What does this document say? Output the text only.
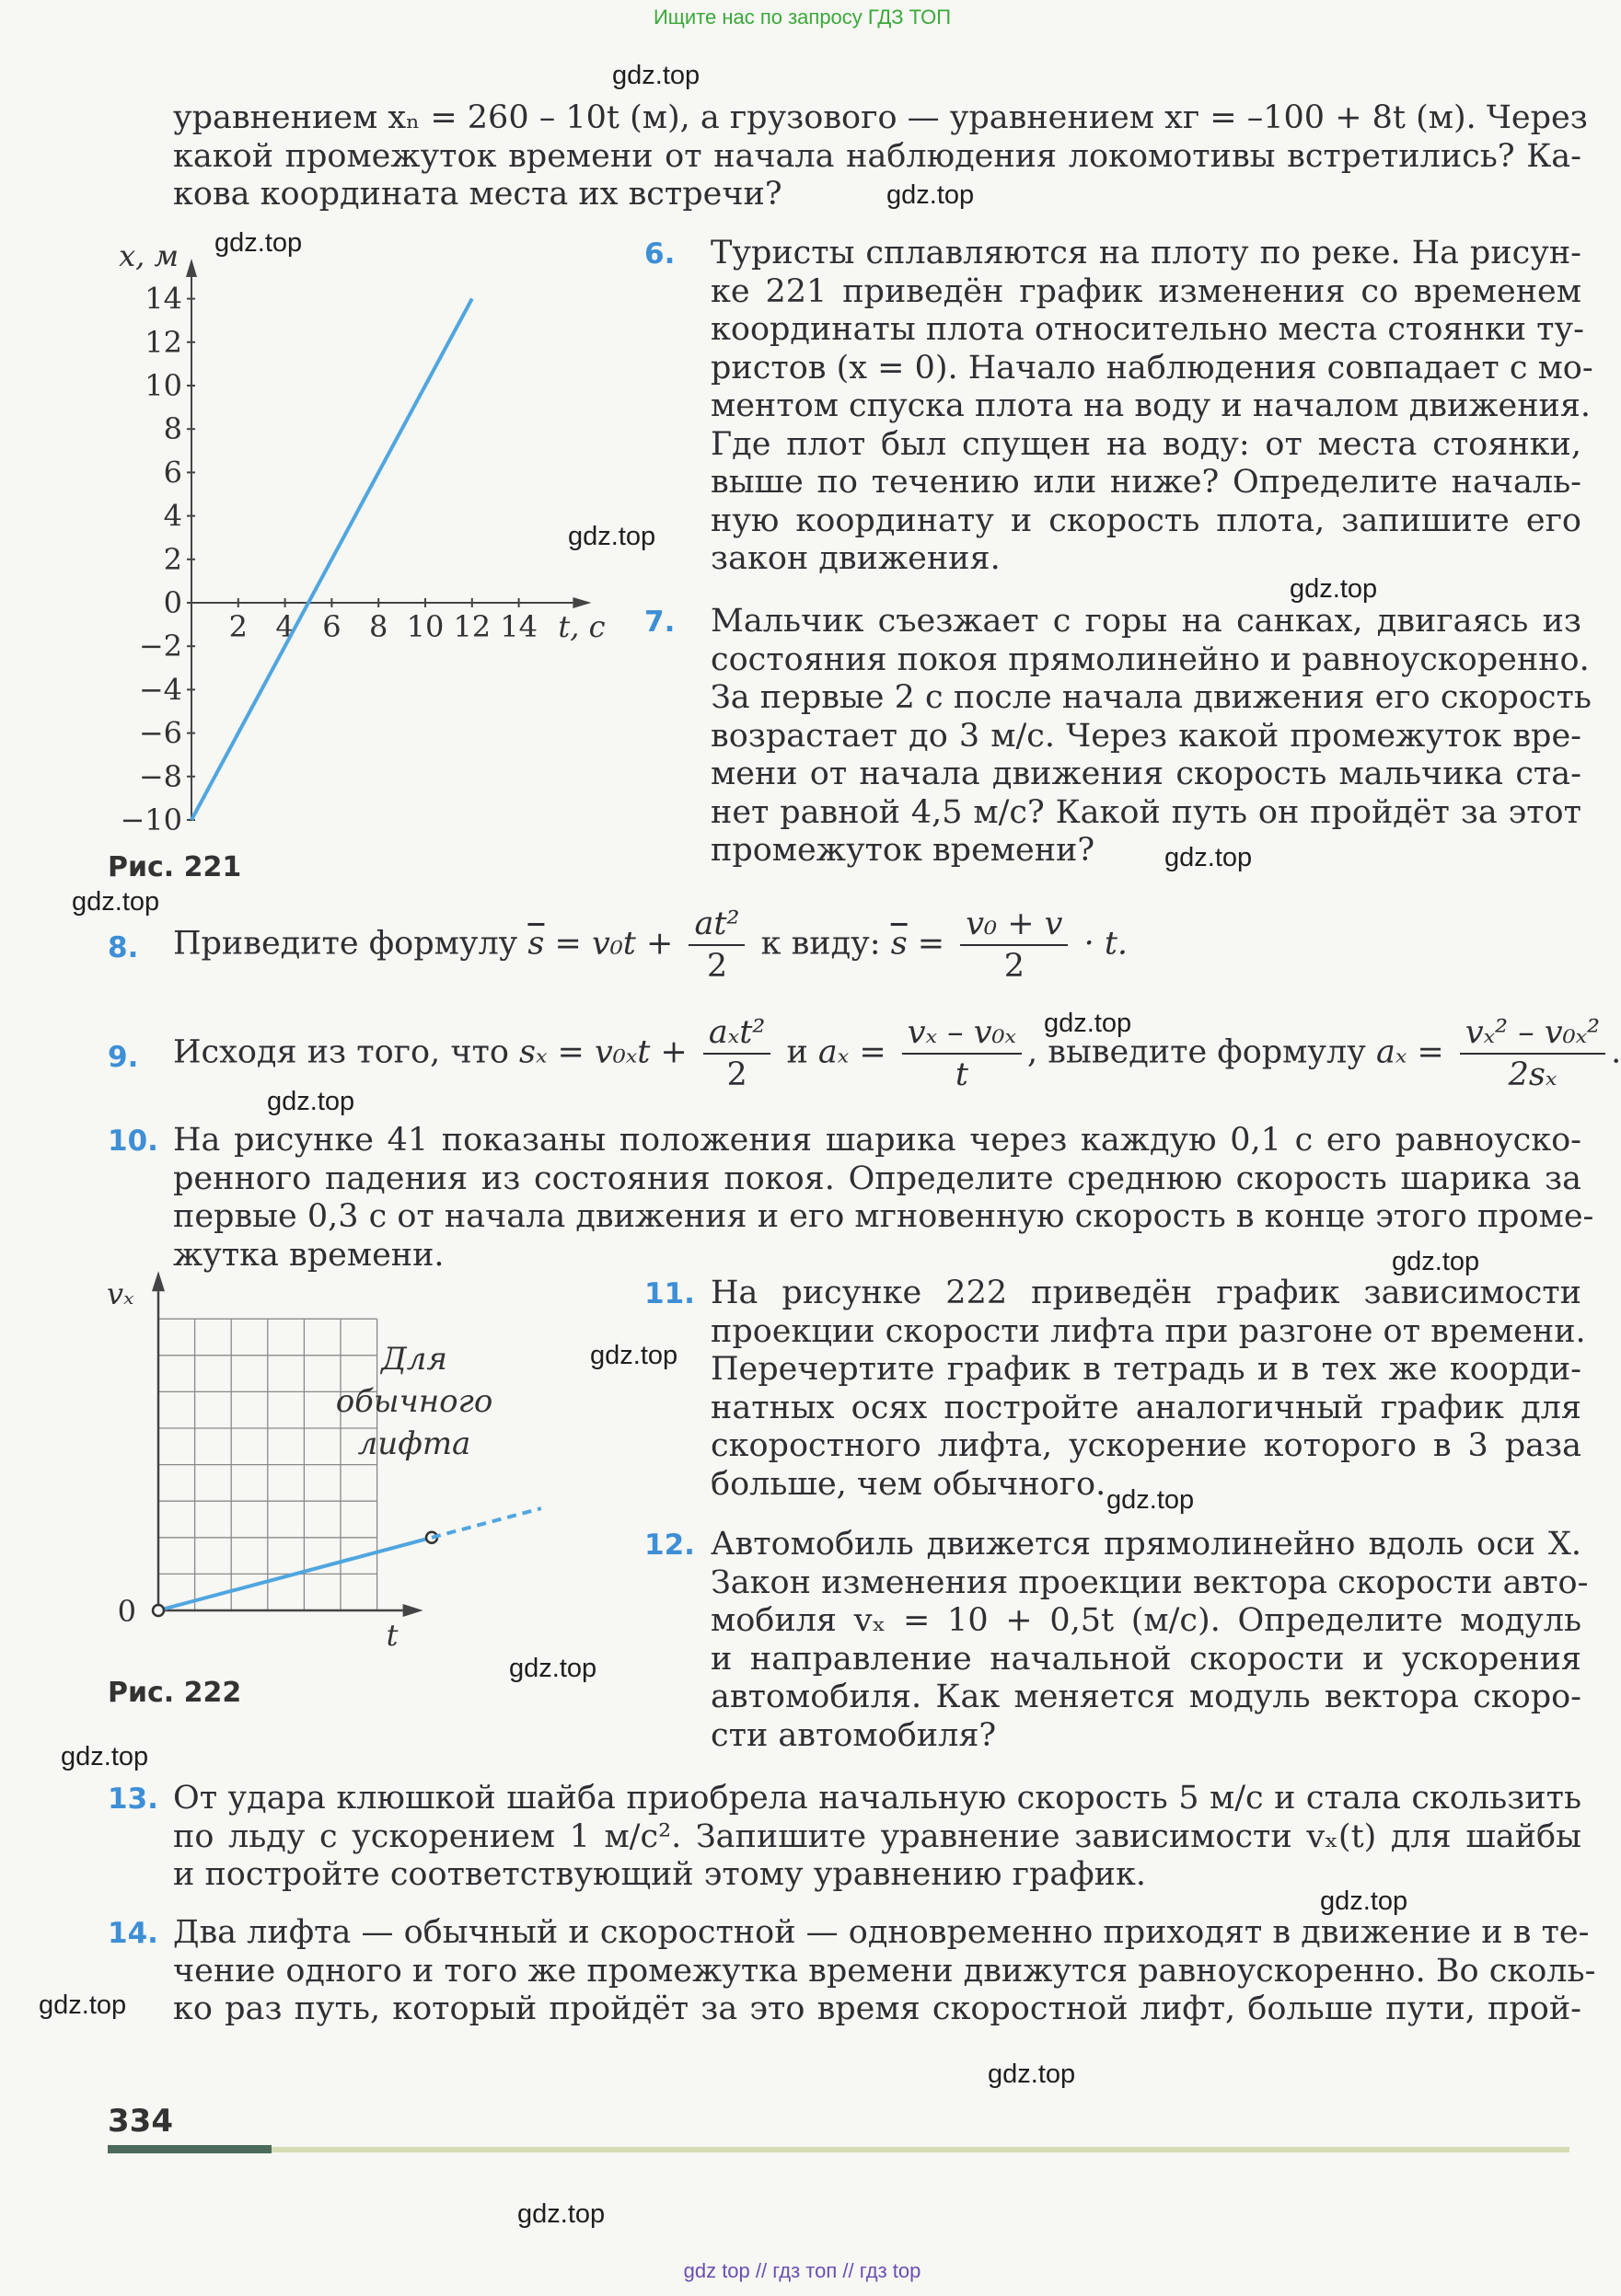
Ищите нас по запросу ГДЗ ТОП
уравнением xₙ = 260 – 10t (м), а грузового — уравнением xг = –100 + 8t (м). Через
какой промежуток времени от начала наблюдения локомотивы встретились? Ка-
кова координата места их встречи?
14
12
10
8
6
4
2
0
−2
−4
−6
−8
−10
2 4 6 8 10 12 14
x, м
t, с
Рис. 221
6. Туристы сплавляются на плоту по реке. На рисун-
ке 221 приведён график изменения со временем
координаты плота относительно места стоянки ту-
ристов (x = 0). Начало наблюдения совпадает с мо-
ментом спуска плота на воду и началом движения.
Где плот был спущен на воду: от места стоянки,
выше по течению или ниже? Определите началь-
ную координату и скорость плота, запишите его
закон движения.
7. Мальчик съезжает с горы на санках, двигаясь из
состояния покоя прямолинейно и равноускоренно.
За первые 2 с после начала движения его скорость
возрастает до 3 м/с. Через какой промежуток вре-
мени от начала движения скорость мальчика ста-
нет равной 4,5 м/с? Какой путь он пройдёт за этот
промежуток времени?
8. Приведите формулу $\overline{s} = v_0t + \frac{\text{at²}}{2}$ к виду: $\overline{s} = \frac{\text{v₀ + v}}{2} \cdot t$.
9. Исходя из того, что $s_x = v_{0x}t + \frac{\text{aₓt²}}{2}$ и $a_x = \frac{\text{vₓ – v₀ₓ}}{t}$ , выведите формулу $a_x = \frac{\text{vₓ² – v₀ₓ²}}{\text{2sₓ}}$ .
10. На рисунке 41 показаны положения шарика через каждую 0,1 с его равноуско-
ренного падения из состояния покоя. Определите среднюю скорость шарика за
первые 0,3 с от начала движения и его мгновенную скорость в конце этого проме-
жутка времени.
vₓ
t
0
Для
обычного
лифта
Рис. 222
11. На рисунке 222 приведён график зависимости
проекции скорости лифта при разгоне от времени.
Перечертите график в тетрадь и в тех же коорди-
натных осях постройте аналогичный график для
скоростного лифта, ускорение которого в 3 раза
больше, чем обычного.
12. Автомобиль движется прямолинейно вдоль оси X.
Закон изменения проекции вектора скорости авто-
мобиля vₓ = 10 + 0,5t (м/с). Определите модуль
и направление начальной скорости и ускорения
автомобиля. Как меняется модуль вектора скоро-
сти автомобиля?
13. От удара клюшкой шайба приобрела начальную скорость 5 м/с и стала скользить
по льду с ускорением 1 м/с². Запишите уравнение зависимости vₓ(t) для шайбы
и постройте соответствующий этому уравнению график.
14. Два лифта — обычный и скоростной — одновременно приходят в движение и в те-
чение одного и того же промежутка времени движутся равноускоренно. Во сколь-
ко раз путь, который пройдёт за это время скоростной лифт, больше пути, прой-
334
gdz top // гдз топ // гдз top
gdz.top
gdz.top
gdz.top
gdz.top
gdz.top
gdz.top
gdz.top
gdz.top
gdz.top
gdz.top
gdz.top
gdz.top
gdz.top
gdz.top
gdz.top
gdz.top
gdz.top
gdz.top
